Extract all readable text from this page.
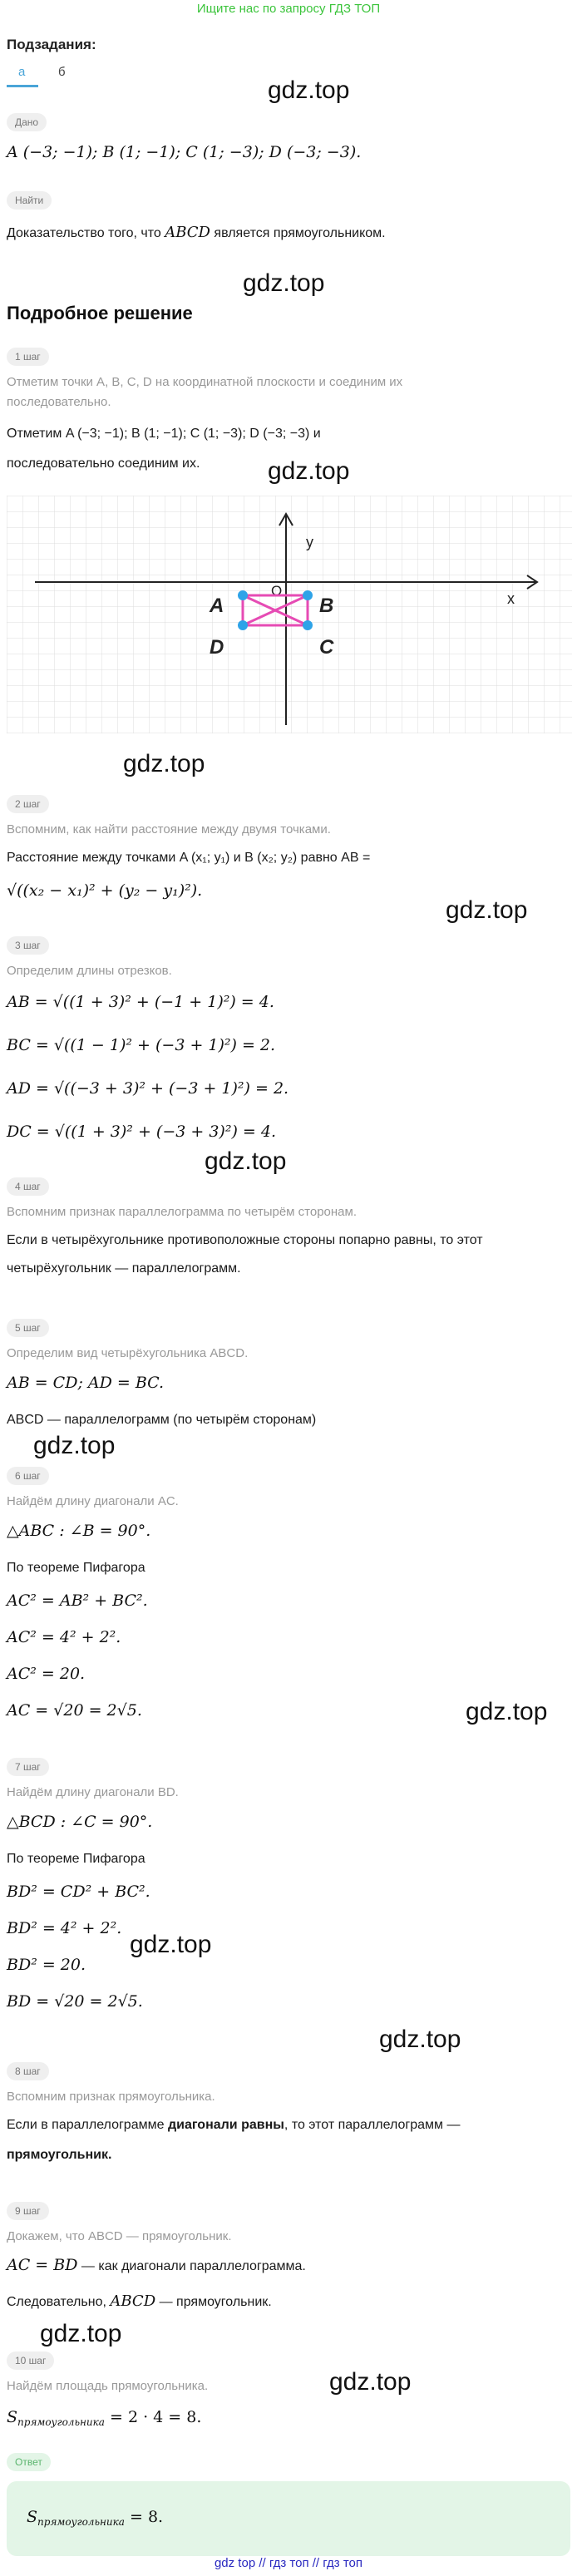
Ищите нас по запросу ГДЗ ТОП
gdz.top
gdz.top
gdz.top
gdz.top
gdz.top
gdz.top
gdz.top
gdz.top
gdz.top
gdz.top
gdz.top
gdz.top
Подзадания:
а	б
Дано
A (−3; −1); B (1; −1); C (1; −3); D (−3; −3).
Найти
Доказательство того, что ABCD является прямоугольником.
Подробное решение
1 шаг
Отметим точки A, B, C, D на координатной плоскости и соединим их последовательно.
Отметим A (−3; −1); B (1; −1); C (1; −3); D (−3; −3) и
последовательно соединим их.
x
y
O
A	B
C
D
2 шаг
Вспомним, как найти расстояние между двумя точками.
Расстояние между точками A (x₁; y₁) и B (x₂; y₂) равно AB =
√((x₂ − x₁)² + (y₂ − y₁)²).
3 шаг
Определим длины отрезков.
AB = √((1 + 3)² + (−1 + 1)²) = 4.
BC = √((1 − 1)² + (−3 + 1)²) = 2.
AD = √((−3 + 3)² + (−3 + 1)²) = 2.
DC = √((1 + 3)² + (−3 + 3)²) = 4.
4 шаг
Вспомним признак параллелограмма по четырём сторонам.
Если в четырёхугольнике противоположные стороны попарно равны, то этот
четырёхугольник — параллелограмм.
5 шаг
Определим вид четырёхугольника ABCD.
AB = CD; AD = BC.
ABCD — параллелограмм (по четырём сторонам)
6 шаг
Найдём длину диагонали AC.
△ABC : ∠B = 90°.
По теореме Пифагора
AC² = AB² + BC².
AC² = 4² + 2².
AC² = 20.
AC = √20 = 2√5.
7 шаг
Найдём длину диагонали BD.
△BCD : ∠C = 90°.
По теореме Пифагора
BD² = CD² + BC².
BD² = 4² + 2².
BD² = 20.
BD = √20 = 2√5.
8 шаг
Вспомним признак прямоугольника.
Если в параллелограмме диагонали равны, то этот параллелограмм —
прямоугольник.
9 шаг
Докажем, что ABCD — прямоугольник.
AC = BD — как диагонали параллелограмма.
Следовательно, ABCD — прямоугольник.
10 шаг
Найдём площадь прямоугольника.
$S_{прямоугольника} = 2 \cdot 4 = 8$.
Ответ
$S_{прямоугольника} = 8$.
gdz top // гдз топ // гдз топ
